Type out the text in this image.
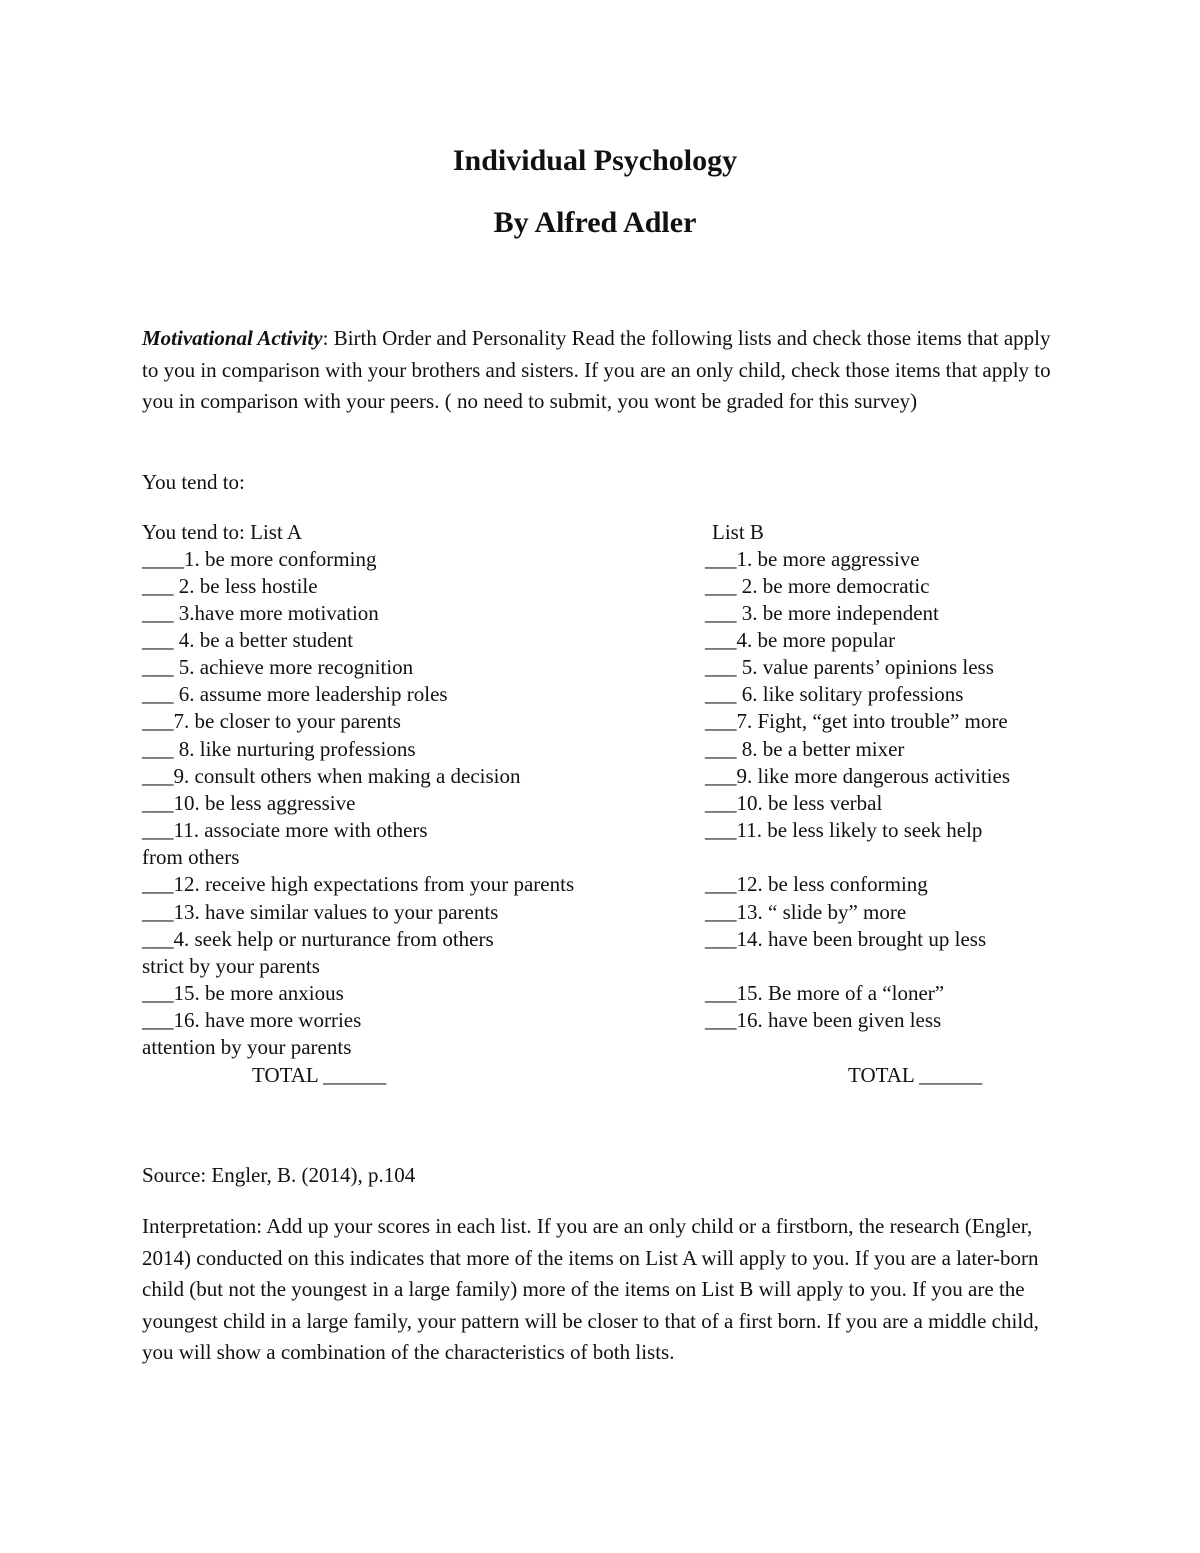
Individual Psychology
By Alfred Adler

Motivational Activity: Birth Order and Personality Read the following lists and check those items that apply to you in comparison with your brothers and sisters. If you are an only child, check those items that apply to you in comparison with your peers. ( no need to submit, you wont be graded for this survey)

You tend to:
You tend to: List A
____1. be more conforming
___ 2. be less hostile
___ 3.have more motivation
___ 4. be a better student
___ 5. achieve more recognition
___ 6. assume more leadership roles
___7. be closer to your parents
___ 8. like nurturing professions
___9. consult others when making a decision
___10. be less aggressive
___11. associate more with others
from others
___12. receive high expectations from your parents
___13. have similar values to your parents
___4. seek help or nurturance from others
strict by your parents
___15. be more anxious
___16. have more worries
attention by your parents
TOTAL ______
List B
___1. be more aggressive
___ 2. be more democratic
___ 3. be more independent
___4. be more popular
___ 5. value parents’ opinions less
___ 6. like solitary professions
___7. Fight, “get into trouble” more
___ 8. be a better mixer
___9. like more dangerous activities
___10. be less verbal
___11. be less likely to seek help
___12. be less conforming
___13. “ slide by” more
___14. have been brought up less
___15. Be more of a “loner”
___16. have been given less
TOTAL ______
Source: Engler, B. (2014), p.104

Interpretation: Add up your scores in each list. If you are an only child or a firstborn, the research (Engler, 2014) conducted on this indicates that more of the items on List A will apply to you. If you are a later-born child (but not the youngest in a large family) more of the items on List B will apply to you. If you are the youngest child in a large family, your pattern will be closer to that of a first born. If you are a middle child, you will show a combination of the characteristics of both lists.
